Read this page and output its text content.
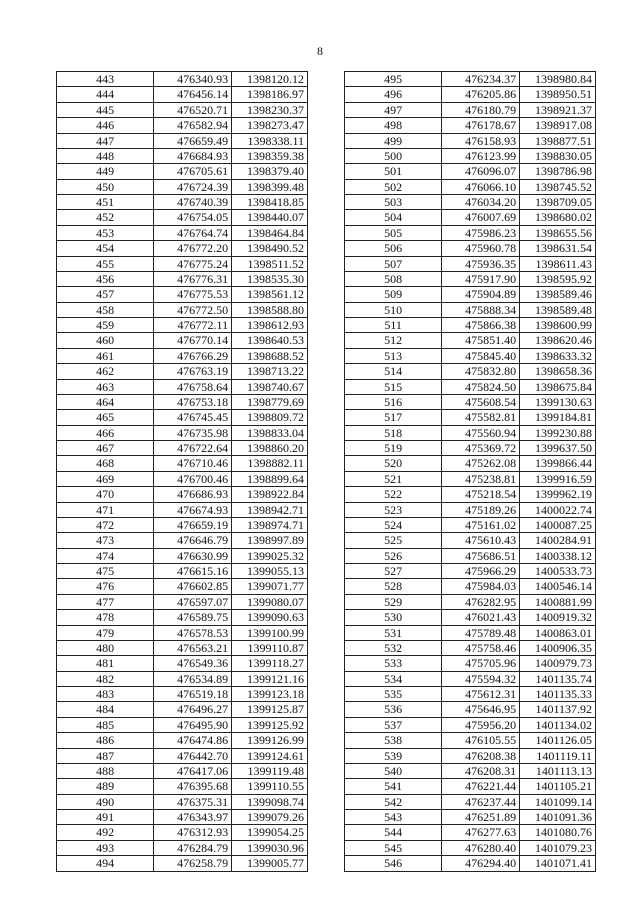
8
443	476340.93	1398120.12
444	476456.14	1398186.97
445	476520.71	1398230.37
446	476582.94	1398273.47
447	476659.49	1398338.11
448	476684.93	1398359.38
449	476705.61	1398379.40
450	476724.39	1398399.48
451	476740.39	1398418.85
452	476754.05	1398440.07
453	476764.74	1398464.84
454	476772.20	1398490.52
455	476775.24	1398511.52
456	476776.31	1398535.30
457	476775.53	1398561.12
458	476772.50	1398588.80
459	476772.11	1398612.93
460	476770.14	1398640.53
461	476766.29	1398688.52
462	476763.19	1398713.22
463	476758.64	1398740.67
464	476753.18	1398779.69
465	476745.45	1398809.72
466	476735.98	1398833.04
467	476722.64	1398860.20
468	476710.46	1398882.11
469	476700.46	1398899.64
470	476686.93	1398922.84
471	476674.93	1398942.71
472	476659.19	1398974.71
473	476646.79	1398997.89
474	476630.99	1399025.32
475	476615.16	1399055.13
476	476602.85	1399071.77
477	476597.07	1399080.07
478	476589.75	1399090.63
479	476578.53	1399100.99
480	476563.21	1399110.87
481	476549.36	1399118.27
482	476534.89	1399121.16
483	476519.18	1399123.18
484	476496.27	1399125.87
485	476495.90	1399125.92
486	476474.86	1399126.99
487	476442.70	1399124.61
488	476417.06	1399119.48
489	476395.68	1399110.55
490	476375.31	1399098.74
491	476343.97	1399079.26
492	476312.93	1399054.25
493	476284.79	1399030.96
494	476258.79	1399005.77
495	476234.37	1398980.84
496	476205.86	1398950.51
497	476180.79	1398921.37
498	476178.67	1398917.08
499	476158.93	1398877.51
500	476123.99	1398830.05
501	476096.07	1398786.98
502	476066.10	1398745.52
503	476034.20	1398709.05
504	476007.69	1398680.02
505	475986.23	1398655.56
506	475960.78	1398631.54
507	475936.35	1398611.43
508	475917.90	1398595.92
509	475904.89	1398589.46
510	475888.34	1398589.48
511	475866.38	1398600.99
512	475851.40	1398620.46
513	475845.40	1398633.32
514	475832.80	1398658.36
515	475824.50	1398675.84
516	475608.54	1399130.63
517	475582.81	1399184.81
518	475560.94	1399230.88
519	475369.72	1399637.50
520	475262.08	1399866.44
521	475238.81	1399916.59
522	475218.54	1399962.19
523	475189.26	1400022.74
524	475161.02	1400087.25
525	475610.43	1400284.91
526	475686.51	1400338.12
527	475966.29	1400533.73
528	475984.03	1400546.14
529	476282.95	1400881.99
530	476021.43	1400919.32
531	475789.48	1400863.01
532	475758.46	1400906.35
533	475705.96	1400979.73
534	475594.32	1401135.74
535	475612.31	1401135.33
536	475646.95	1401137.92
537	475956.20	1401134.02
538	476105.55	1401126.05
539	476208.38	1401119.11
540	476208.31	1401113.13
541	476221.44	1401105.21
542	476237.44	1401099.14
543	476251.89	1401091.36
544	476277.63	1401080.76
545	476280.40	1401079.23
546	476294.40	1401071.41
